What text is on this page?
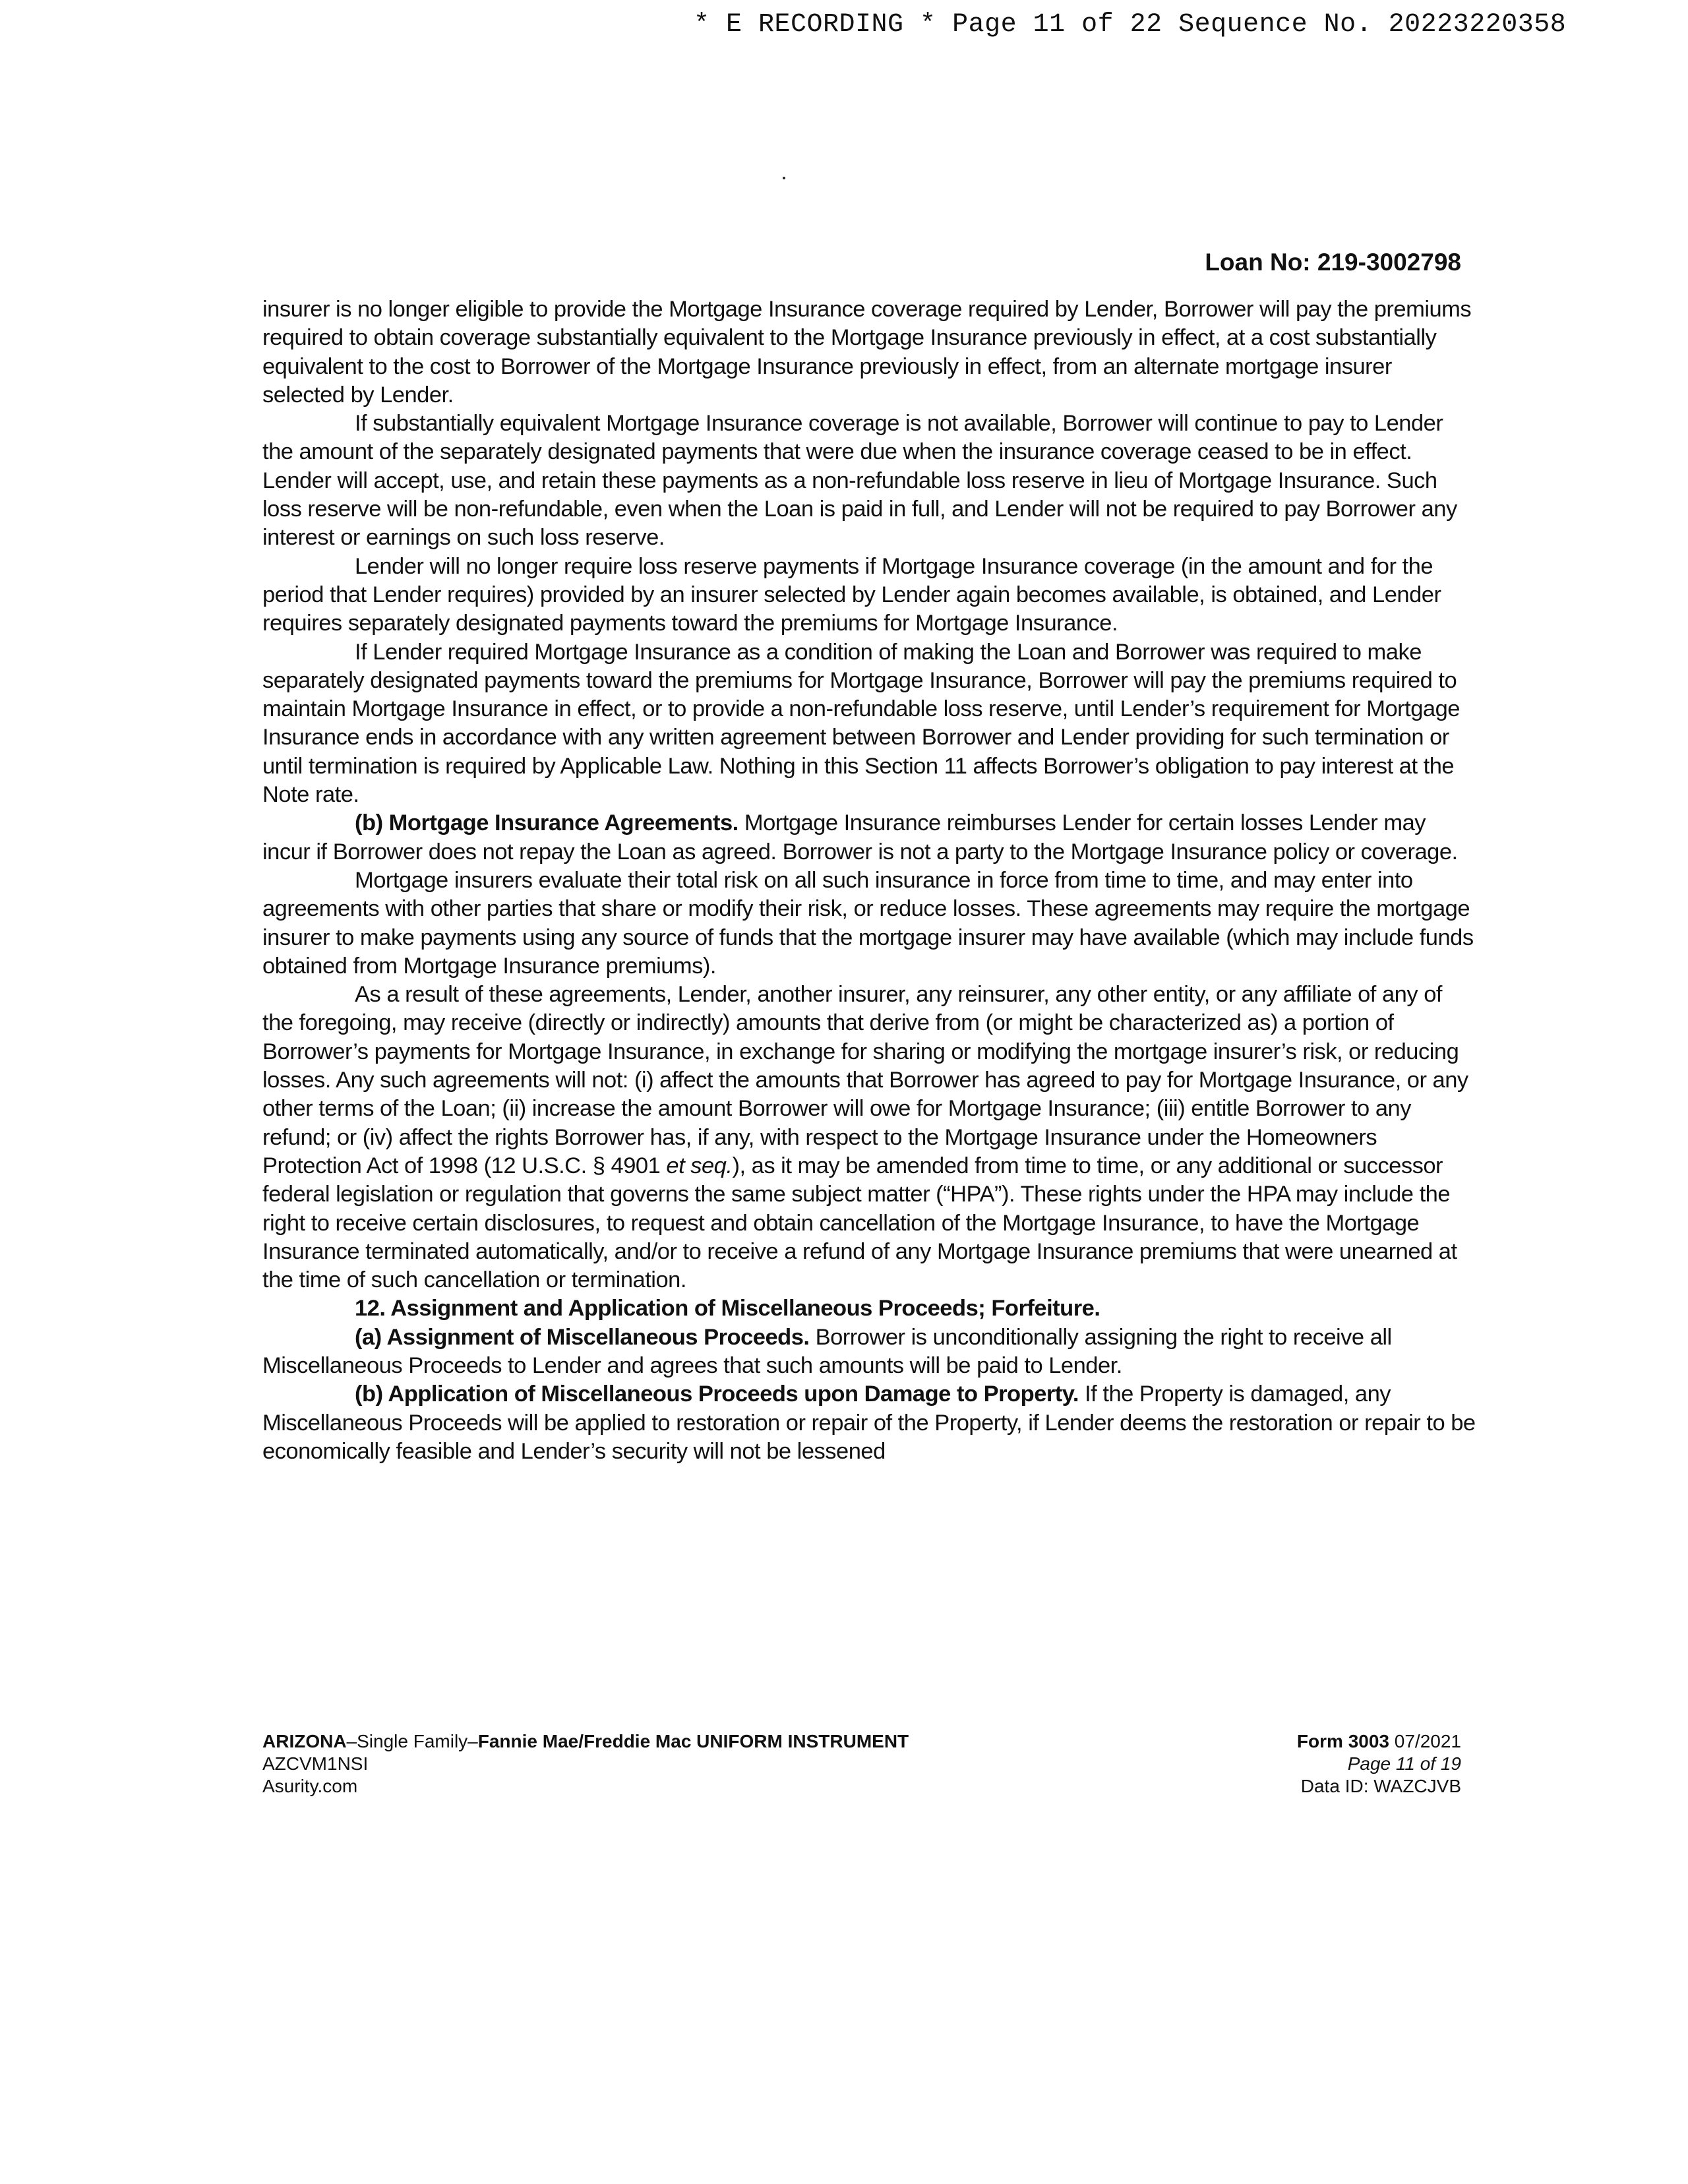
* E RECORDING * Page 11 of 22 Sequence No. 20223220358
Loan No: 219-3002798

insurer is no longer eligible to provide the Mortgage Insurance coverage required by Lender, Borrower will pay the premiums required to obtain coverage substantially equivalent to the Mortgage Insurance previously in effect, at a cost substantially equivalent to the cost to Borrower of the Mortgage Insurance previously in effect, from an alternate mortgage insurer selected by Lender.

If substantially equivalent Mortgage Insurance coverage is not available, Borrower will continue to pay to Lender the amount of the separately designated payments that were due when the insurance coverage ceased to be in effect. Lender will accept, use, and retain these payments as a non-refundable loss reserve in lieu of Mortgage Insurance. Such loss reserve will be non-refundable, even when the Loan is paid in full, and Lender will not be required to pay Borrower any interest or earnings on such loss reserve.

Lender will no longer require loss reserve payments if Mortgage Insurance coverage (in the amount and for the period that Lender requires) provided by an insurer selected by Lender again becomes available, is obtained, and Lender requires separately designated payments toward the premiums for Mortgage Insurance.

If Lender required Mortgage Insurance as a condition of making the Loan and Borrower was required to make separately designated payments toward the premiums for Mortgage Insurance, Borrower will pay the premiums required to maintain Mortgage Insurance in effect, or to provide a non-refundable loss reserve, until Lender’s requirement for Mortgage Insurance ends in accordance with any written agreement between Borrower and Lender providing for such termination or until termination is required by Applicable Law. Nothing in this Section 11 affects Borrower’s obligation to pay interest at the Note rate.

(b) Mortgage Insurance Agreements. Mortgage Insurance reimburses Lender for certain losses Lender may incur if Borrower does not repay the Loan as agreed. Borrower is not a party to the Mortgage Insurance policy or coverage.

Mortgage insurers evaluate their total risk on all such insurance in force from time to time, and may enter into agreements with other parties that share or modify their risk, or reduce losses. These agreements may require the mortgage insurer to make payments using any source of funds that the mortgage insurer may have available (which may include funds obtained from Mortgage Insurance premiums).

As a result of these agreements, Lender, another insurer, any reinsurer, any other entity, or any affiliate of any of the foregoing, may receive (directly or indirectly) amounts that derive from (or might be characterized as) a portion of Borrower’s payments for Mortgage Insurance, in exchange for sharing or modifying the mortgage insurer’s risk, or reducing losses. Any such agreements will not: (i) affect the amounts that Borrower has agreed to pay for Mortgage Insurance, or any other terms of the Loan; (ii) increase the amount Borrower will owe for Mortgage Insurance; (iii) entitle Borrower to any refund; or (iv) affect the rights Borrower has, if any, with respect to the Mortgage Insurance under the Homeowners Protection Act of 1998 (12 U.S.C. § 4901 et seq.), as it may be amended from time to time, or any additional or successor federal legislation or regulation that governs the same subject matter (“HPA”). These rights under the HPA may include the right to receive certain disclosures, to request and obtain cancellation of the Mortgage Insurance, to have the Mortgage Insurance terminated automatically, and/or to receive a refund of any Mortgage Insurance premiums that were unearned at the time of such cancellation or termination.

12. Assignment and Application of Miscellaneous Proceeds; Forfeiture.

(a) Assignment of Miscellaneous Proceeds. Borrower is unconditionally assigning the right to receive all Miscellaneous Proceeds to Lender and agrees that such amounts will be paid to Lender.

(b) Application of Miscellaneous Proceeds upon Damage to Property. If the Property is damaged, any Miscellaneous Proceeds will be applied to restoration or repair of the Property, if Lender deems the restoration or repair to be economically feasible and Lender’s security will not be lessened

ARIZONA–Single Family–Fannie Mae/Freddie Mac UNIFORM INSTRUMENT
AZCVM1NSI
Asurity.com
Form 3003 07/2021
Page 11 of 19
Data ID: WAZCJVB
